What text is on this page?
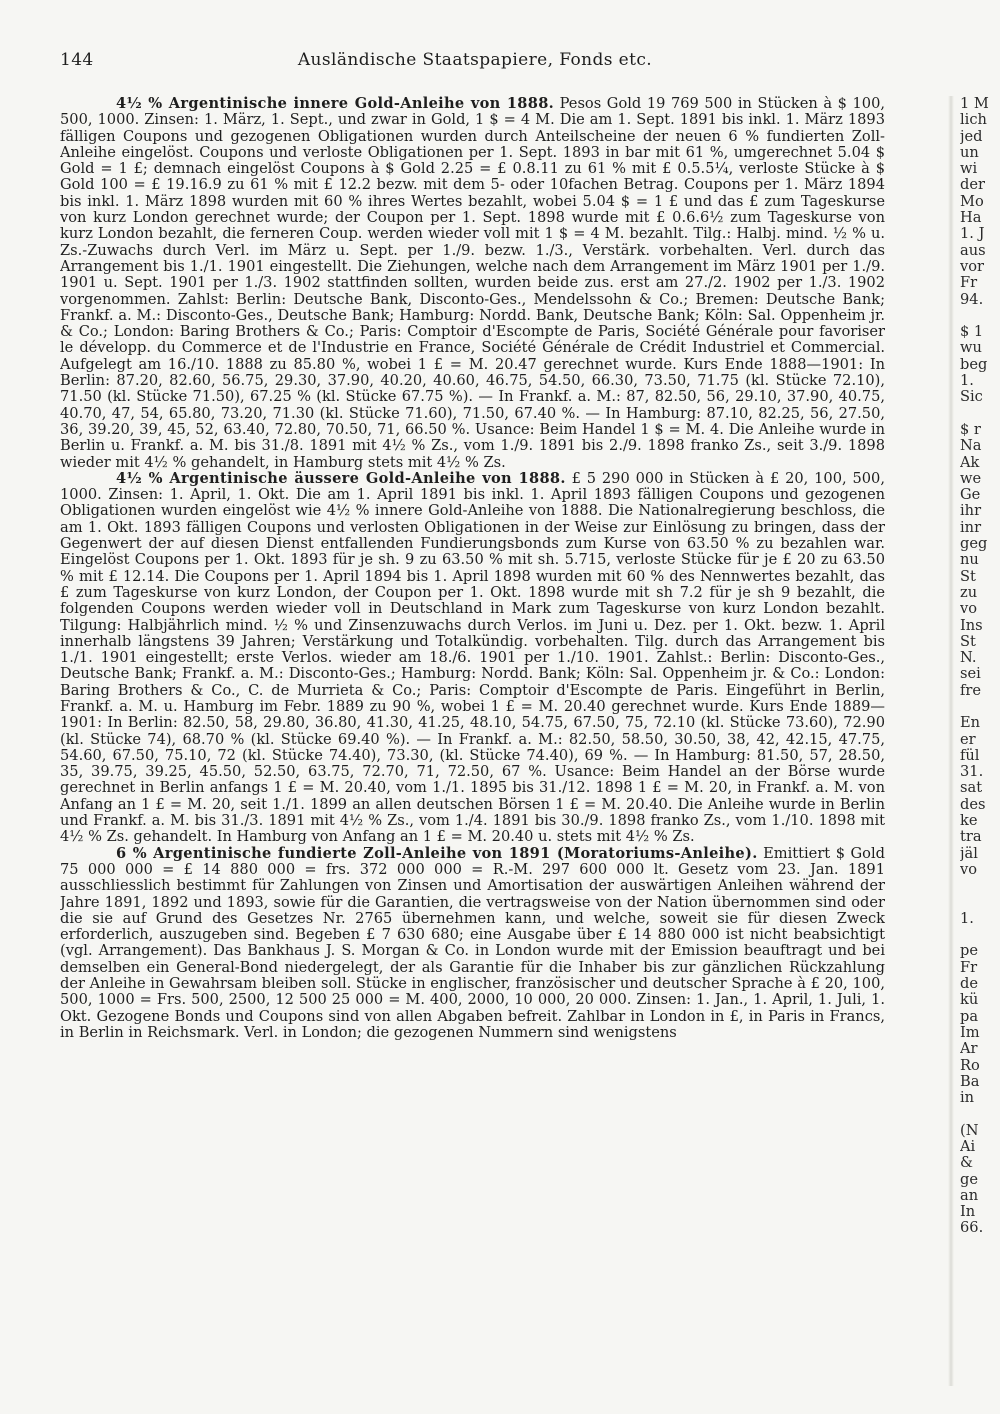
144	Ausländische Staatspapiere, Fonds etc.

4½ % Argentinische innere Gold-Anleihe von 1888. Pesos Gold 19 769 500 in Stücken à $ 100, 500, 1000. Zinsen: 1. März, 1. Sept., und zwar in Gold, 1 $ = 4 M. Die am 1. Sept. 1891 bis inkl. 1. März 1893 fälligen Coupons und gezogenen Obligationen wurden durch Anteilscheine der neuen 6 % fundierten Zoll-Anleihe eingelöst. Coupons und verloste Obligationen per 1. Sept. 1893 in bar mit 61 %, umgerechnet 5.04 $ Gold = 1 £; demnach eingelöst Coupons à $ Gold 2.25 = £ 0.8.11 zu 61 % mit £ 0.5.5¼, verloste Stücke à $ Gold 100 = £ 19.16.9 zu 61 % mit £ 12.2 bezw. mit dem 5- oder 10fachen Betrag. Coupons per 1. März 1894 bis inkl. 1. März 1898 wurden mit 60 % ihres Wertes bezahlt, wobei 5.04 $ = 1 £ und das £ zum Tageskurse von kurz London gerechnet wurde; der Coupon per 1. Sept. 1898 wurde mit £ 0.6.6½ zum Tageskurse von kurz London bezahlt, die ferneren Coup. werden wieder voll mit 1 $ = 4 M. bezahlt. Tilg.: Halbj. mind. ½ % u. Zs.-Zuwachs durch Verl. im März u. Sept. per 1./9. bezw. 1./3., Verstärk. vorbehalten. Verl. durch das Arrangement bis 1./1. 1901 eingestellt. Die Ziehungen, welche nach dem Arrangement im März 1901 per 1./9. 1901 u. Sept. 1901 per 1./3. 1902 stattfinden sollten, wurden beide zus. erst am 27./2. 1902 per 1./3. 1902 vorgenommen. Zahlst: Berlin: Deutsche Bank, Disconto-Ges., Mendelssohn & Co.; Bremen: Deutsche Bank; Frankf. a. M.: Disconto-Ges., Deutsche Bank; Hamburg: Nordd. Bank, Deutsche Bank; Köln: Sal. Oppenheim jr. & Co.; London: Baring Brothers & Co.; Paris: Comptoir d'Escompte de Paris, Société Générale pour favoriser le développ. du Commerce et de l'Industrie en France, Société Générale de Crédit Industriel et Commercial. Aufgelegt am 16./10. 1888 zu 85.80 %, wobei 1 £ = M. 20.47 gerechnet wurde. Kurs Ende 1888—1901: In Berlin: 87.20, 82.60, 56.75, 29.30, 37.90, 40.20, 40.60, 46.75, 54.50, 66.30, 73.50, 71.75 (kl. Stücke 72.10), 71.50 (kl. Stücke 71.50), 67.25 % (kl. Stücke 67.75 %). — In Frankf. a. M.: 87, 82.50, 56, 29.10, 37.90, 40.75, 40.70, 47, 54, 65.80, 73.20, 71.30 (kl. Stücke 71.60), 71.50, 67.40 %. — In Hamburg: 87.10, 82.25, 56, 27.50, 36, 39.20, 39, 45, 52, 63.40, 72.80, 70.50, 71, 66.50 %. Usance: Beim Handel 1 $ = M. 4. Die Anleihe wurde in Berlin u. Frankf. a. M. bis 31./8. 1891 mit 4½ % Zs., vom 1./9. 1891 bis 2./9. 1898 franko Zs., seit 3./9. 1898 wieder mit 4½ % gehandelt, in Hamburg stets mit 4½ % Zs.

4½ % Argentinische äussere Gold-Anleihe von 1888. £ 5 290 000 in Stücken à £ 20, 100, 500, 1000. Zinsen: 1. April, 1. Okt. Die am 1. April 1891 bis inkl. 1. April 1893 fälligen Coupons und gezogenen Obligationen wurden eingelöst wie 4½ % innere Gold-Anleihe von 1888. Die Nationalregierung beschloss, die am 1. Okt. 1893 fälligen Coupons und verlosten Obligationen in der Weise zur Einlösung zu bringen, dass der Gegenwert der auf diesen Dienst entfallenden Fundierungsbonds zum Kurse von 63.50 % zu bezahlen war. Eingelöst Coupons per 1. Okt. 1893 für je sh. 9 zu 63.50 % mit sh. 5.715, verloste Stücke für je £ 20 zu 63.50 % mit £ 12.14. Die Coupons per 1. April 1894 bis 1. April 1898 wurden mit 60 % des Nennwertes bezahlt, das £ zum Tageskurse von kurz London, der Coupon per 1. Okt. 1898 wurde mit sh 7.2 für je sh 9 bezahlt, die folgenden Coupons werden wieder voll in Deutschland in Mark zum Tageskurse von kurz London bezahlt. Tilgung: Halbjährlich mind. ½ % und Zinsenzuwachs durch Verlos. im Juni u. Dez. per 1. Okt. bezw. 1. April innerhalb längstens 39 Jahren; Verstärkung und Totalkündig. vorbehalten. Tilg. durch das Arrangement bis 1./1. 1901 eingestellt; erste Verlos. wieder am 18./6. 1901 per 1./10. 1901. Zahlst.: Berlin: Disconto-Ges., Deutsche Bank; Frankf. a. M.: Disconto-Ges.; Hamburg: Nordd. Bank; Köln: Sal. Oppenheim jr. & Co.: London: Baring Brothers & Co., C. de Murrieta & Co.; Paris: Comptoir d'Escompte de Paris. Eingeführt in Berlin, Frankf. a. M. u. Hamburg im Febr. 1889 zu 90 %, wobei 1 £ = M. 20.40 gerechnet wurde. Kurs Ende 1889—1901: In Berlin: 82.50, 58, 29.80, 36.80, 41.30, 41.25, 48.10, 54.75, 67.50, 75, 72.10 (kl. Stücke 73.60), 72.90 (kl. Stücke 74), 68.70 % (kl. Stücke 69.40 %). — In Frankf. a. M.: 82.50, 58.50, 30.50, 38, 42, 42.15, 47.75, 54.60, 67.50, 75.10, 72 (kl. Stücke 74.40), 73.30, (kl. Stücke 74.40), 69 %. — In Hamburg: 81.50, 57, 28.50, 35, 39.75, 39.25, 45.50, 52.50, 63.75, 72.70, 71, 72.50, 67 %. Usance: Beim Handel an der Börse wurde gerechnet in Berlin anfangs 1 £ = M. 20.40, vom 1./1. 1895 bis 31./12. 1898 1 £ = M. 20, in Frankf. a. M. von Anfang an 1 £ = M. 20, seit 1./1. 1899 an allen deutschen Börsen 1 £ = M. 20.40. Die Anleihe wurde in Berlin und Frankf. a. M. bis 31./3. 1891 mit 4½ % Zs., vom 1./4. 1891 bis 30./9. 1898 franko Zs., vom 1./10. 1898 mit 4½ % Zs. gehandelt. In Hamburg von Anfang an 1 £ = M. 20.40 u. stets mit 4½ % Zs.

6 % Argentinische fundierte Zoll-Anleihe von 1891 (Moratoriums-Anleihe). Emittiert $ Gold 75 000 000 = £ 14 880 000 = frs. 372 000 000 = R.-M. 297 600 000 lt. Gesetz vom 23. Jan. 1891 ausschliesslich bestimmt für Zahlungen von Zinsen und Amortisation der auswärtigen Anleihen während der Jahre 1891, 1892 und 1893, sowie für die Garantien, die vertragsweise von der Nation übernommen sind oder die sie auf Grund des Gesetzes Nr. 2765 übernehmen kann, und welche, soweit sie für diesen Zweck erforderlich, auszugeben sind. Begeben £ 7 630 680; eine Ausgabe über £ 14 880 000 ist nicht beabsichtigt (vgl. Arrangement). Das Bankhaus J. S. Morgan & Co. in London wurde mit der Emission beauftragt und bei demselben ein General-Bond niedergelegt, der als Garantie für die Inhaber bis zur gänzlichen Rückzahlung der Anleihe in Gewahrsam bleiben soll. Stücke in englischer, französischer und deutscher Sprache à £ 20, 100, 500, 1000 = Frs. 500, 2500, 12 500 25 000 = M. 400, 2000, 10 000, 20 000. Zinsen: 1. Jan., 1. April, 1. Juli, 1. Okt. Gezogene Bonds und Coupons sind von allen Abgaben befreit. Zahlbar in London in £, in Paris in Francs, in Berlin in Reichsmark. Verl. in London; die gezogenen Nummern sind wenigstens

1 M
lich
jed
un
wi
der
Mo
Ha
1. J
aus
vor
Fr
94.
$ 1
wu
beg
1.
Sic
$ r
Na
Ak
we
Ge
ihr
inr
geg
nu
St
zu
vo
Ins
St
N.
sei
fre
En
er
fül
31.
sat
des
ke
tra
jäl
vo
1.
pe
Fr
de
kü
pa
Im
Ar
Ro
Ba
in
(N
Ai
&
ge
an
In
66.
